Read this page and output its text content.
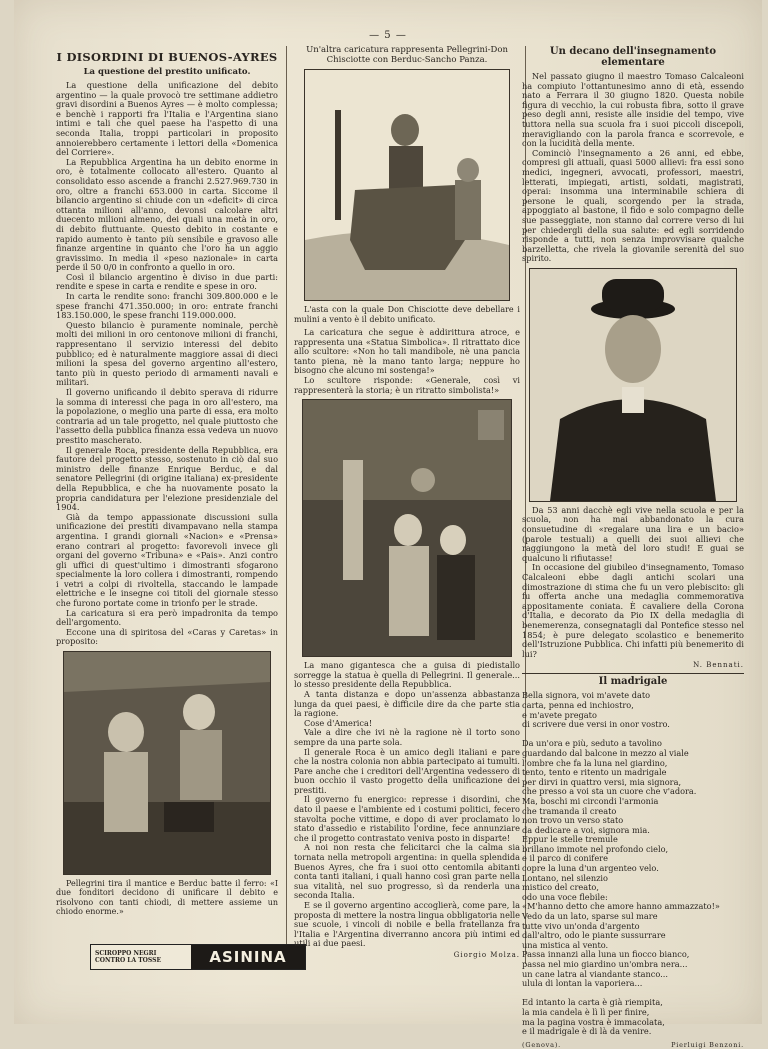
— 5 —
I DISORDINI DI BUENOS-AYRES
La questione del prestito unificato.

La questione della unificazione del debito argentino — la quale provocò tre settimane addietro gravi disordini a Buenos Ayres — è molto complessa; e benchè i rapporti fra l'Italia e l'Argentina siano intimi e tali che quel paese ha l'aspetto di una seconda Italia, troppi particolari in proposito annoierebbero certamente i lettori della «Domenica del Corriere».

La Repubblica Argentina ha un debito enorme in oro, è totalmente collocato all'estero. Quanto al consolidato esso ascende a franchi 2.527.969.730 in oro, oltre a franchi 653.000 in carta. Siccome il bilancio argentino si chiude con un «deficit» di circa ottanta milioni all'anno, devonsi calcolare altri duecento milioni almeno, dei quali una metà in oro, di debito fluttuante. Questo debito in costante e rapido aumento è tanto più sensibile e gravoso alle finanze argentine in quanto che l'oro ha un aggio gravissimo. In media il «peso nazionale» in carta perde il 50 0/0 in confronto a quello in oro.

Così il bilancio argentino è diviso in due parti: rendite e spese in carta e rendite e spese in oro.

In carta le rendite sono: franchi 309.800.000 e le spese franchi 471.350.000; in oro: entrate franchi 183.150.000, le spese franchi 119.000.000.

Questo bilancio è puramente nominale, perchè molti dei milioni in oro centonove milioni di franchi, rappresentano il servizio interessi del debito pubblico; ed è naturalmente maggiore assai di dieci milioni la spesa del governo argentino all'estero, tanto più in questo periodo di armamenti navali e militari.

Il governo unificando il debito sperava di ridurre la somma di interessi che paga in oro all'estero, ma la popolazione, o meglio una parte di essa, era molto contraria ad un tale progetto, nel quale piuttosto che l'assetto della pubblica finanza essa vedeva un nuovo prestito mascherato.

Il generale Roca, presidente della Repubblica, era fautore del progetto stesso, sostenuto in ciò dal suo ministro delle finanze Enrique Berduc, e dal senatore Pellegrini (di origine italiana) ex-presidente della Repubblica, e che ha nuovamente posato la propria candidatura per l'elezione presidenziale del 1904.

Già da tempo appassionate discussioni sulla unificazione dei prestiti divampavano nella stampa argentina. I grandi giornali «Nacion» e «Prensa» erano contrari al progetto: favorevoli invece gli organi del governo «Tribuna» e «Pais». Anzi contro gli uffici di quest'ultimo i dimostranti sfogarono specialmente la loro collera i dimostranti, rompendo i vetri a colpi di rivoltella, staccando le lampade elettriche e le insegne coi titoli del giornale stesso che furono portate come in trionfo per le strade.

La caricatura si era però impadronita da tempo dell'argomento.

Eccone una di spiritosa del «Caras y Caretas» in proposito:

Pellegrini tira il mantice e Berduc batte il ferro: «I due fonditori decidono di unificare il debito e risolvono con tanti chiodi, di mettere assieme un chiodo enorme.»
SCIROPPO NEGRI CONTRO LA TOSSE	ASININA

Un'altra caricatura rappresenta Pellegrini-Don Chisciotte con Berduc-Sancho Panza.

L'asta con la quale Don Chisciotte deve debellare i mulini a vento è il debito unificato.

La caricatura che segue è addirittura atroce, e rappresenta una «Statua Simbolica». Il ritrattato dice allo scultore: «Non ho tali mandibole, nè una pancia tanto piena, nè la mano tanto larga; neppure ho bisogno che alcuno mi sostenga!»

Lo scultore risponde: «Generale, così vi rappresenterà la storia; è un ritratto simbolista!»

La mano gigantesca che a guisa di piedistallo sorregge la statua è quella di Pellegrini. Il generale... lo stesso presidente della Repubblica.

A tanta distanza e dopo un'assenza abbastanza lunga da quei paesi, è difficile dire da che parte stia la ragione.

Cose d'America!

Vale a dire che ivi nè la ragione nè il torto sono sempre da una parte sola.

Il generale Roca è un amico degli italiani e pare che la nostra colonia non abbia partecipato ai tumulti. Pare anche che i creditori dell'Argentina vedessero di buon occhio il vasto progetto della unificazione dei prestiti.

Il governo fu energico: represse i disordini, che dato il paese e l'ambiente ed i costumi politici, fecero stavolta poche vittime, e dopo di aver proclamato lo stato d'assedio e ristabilito l'ordine, fece annunziare che il progetto contrastato veniva posto in disparte!

A noi non resta che felicitarci che la calma sia tornata nella metropoli argentina: in quella splendida Buenos Ayres, che fra i suoi otto centomila abitanti conta tanti italiani, i quali hanno così gran parte nella sua vitalità, nel suo progresso, sì da renderla una seconda Italia.

E se il governo argentino accoglierà, come pare, la proposta di mettere la nostra lingua obbligatoria nelle sue scuole, i vincoli di nobile e bella fratellanza fra l'Italia e l'Argentina diverranno ancora più intimi ed utili ai due paesi.

Giorgio Molza.
Un decano dell'insegnamento elementare

Nel passato giugno il maestro Tomaso Calcaleoni ha compiuto l'ottantunesimo anno di età, essendo nato a Ferrara il 30 giugno 1820. Questa nobile figura di vecchio, la cui robusta fibra, sotto il grave peso degli anni, resiste alle insidie del tempo, vive tuttora nella sua scuola fra i suoi piccoli discepoli, meravigliando con la parola franca e scorrevole, e con la lucidità della mente.

Cominciò l'insegnamento a 26 anni, ed ebbe, compresi gli attuali, quasi 5000 allievi: fra essi sono medici, ingegneri, avvocati, professori, maestri, letterati, impiegati, artisti, soldati, magistrati, operai: insomma una interminabile schiera di persone le quali, scorgendo per la strada, appoggiato al bastone, il fido e solo compagno delle sue passeggiate, non stanno dal correre verso di lui per chiedergli della sua salute: ed egli sorridendo risponde a tutti, non senza improvvisare qualche barzelletta, che rivela la giovanile serenità del suo spirito.

Da 53 anni dacchè egli vive nella scuola e per la scuola, non ha mai abbandonato la cura consuetudine di «regalare una lira e un bacio» (parole testuali) a quelli dei suoi allievi che raggiungono la metà del loro studi! E guai se qualcuno li rifiutasse!

In occasione del giubileo d'insegnamento, Tomaso Calcaleoni ebbe dagli antichi scolari una dimostrazione di stima che fu un vero plebiscito: gli fu offerta anche una medaglia commemorativa appositamente coniata. È cavaliere della Corona d'Italia, e decorato da Pio IX della medaglia di benemerenza, consegnatagli dal Pontefice stesso nel 1854; è pure delegato scolastico e benemerito dell'Istruzione Pubblica. Chi infatti più benemerito di lui?

N. Bennati.
Il madrigale
Bella signora, voi m'avete dato
carta, penna ed inchiostro,
e m'avete pregato
di scrivere due versi in onor vostro.

Da un'ora e più, seduto a tavolino
guardando dal balcone in mezzo al viale
l'ombre che fa la luna nel giardino,
tento, tento e ritento un madrigale
per dirvi in quattro versi, mia signora,
che presso a voi sta un cuore che v'adora.
Ma, boschi mi circondi l'armonia
che tramanda il creato
non trovo un verso stato
da dedicare a voi, signora mia.
Eppur le stelle tremule
brillano immote nel profondo cielo,
e il parco di conifere
copre la luna d'un argenteo velo.
Lontano, nel silenzio
mistico del creato,
odo una voce flebile:
«M'hanno detto che amore hanno ammazzato!»
Vedo da un lato, sparse sul mare
tutte vivo un'onda d'argento
dall'altro, odo le piante sussurrare
una mistica al vento.
Passa innanzi alla luna un fiocco bianco,
passa nel mio giardino un'ombra nera...
un cane latra al viandante stanco...
ulula di lontan la vaporiera...

Ed intanto la carta è già riempita,
la mia candela è lì lì per finire,
ma la pagina vostra è immacolata,
e il madrigale è di là da venire.
(Genova).	Pierluigi Benzoni.
